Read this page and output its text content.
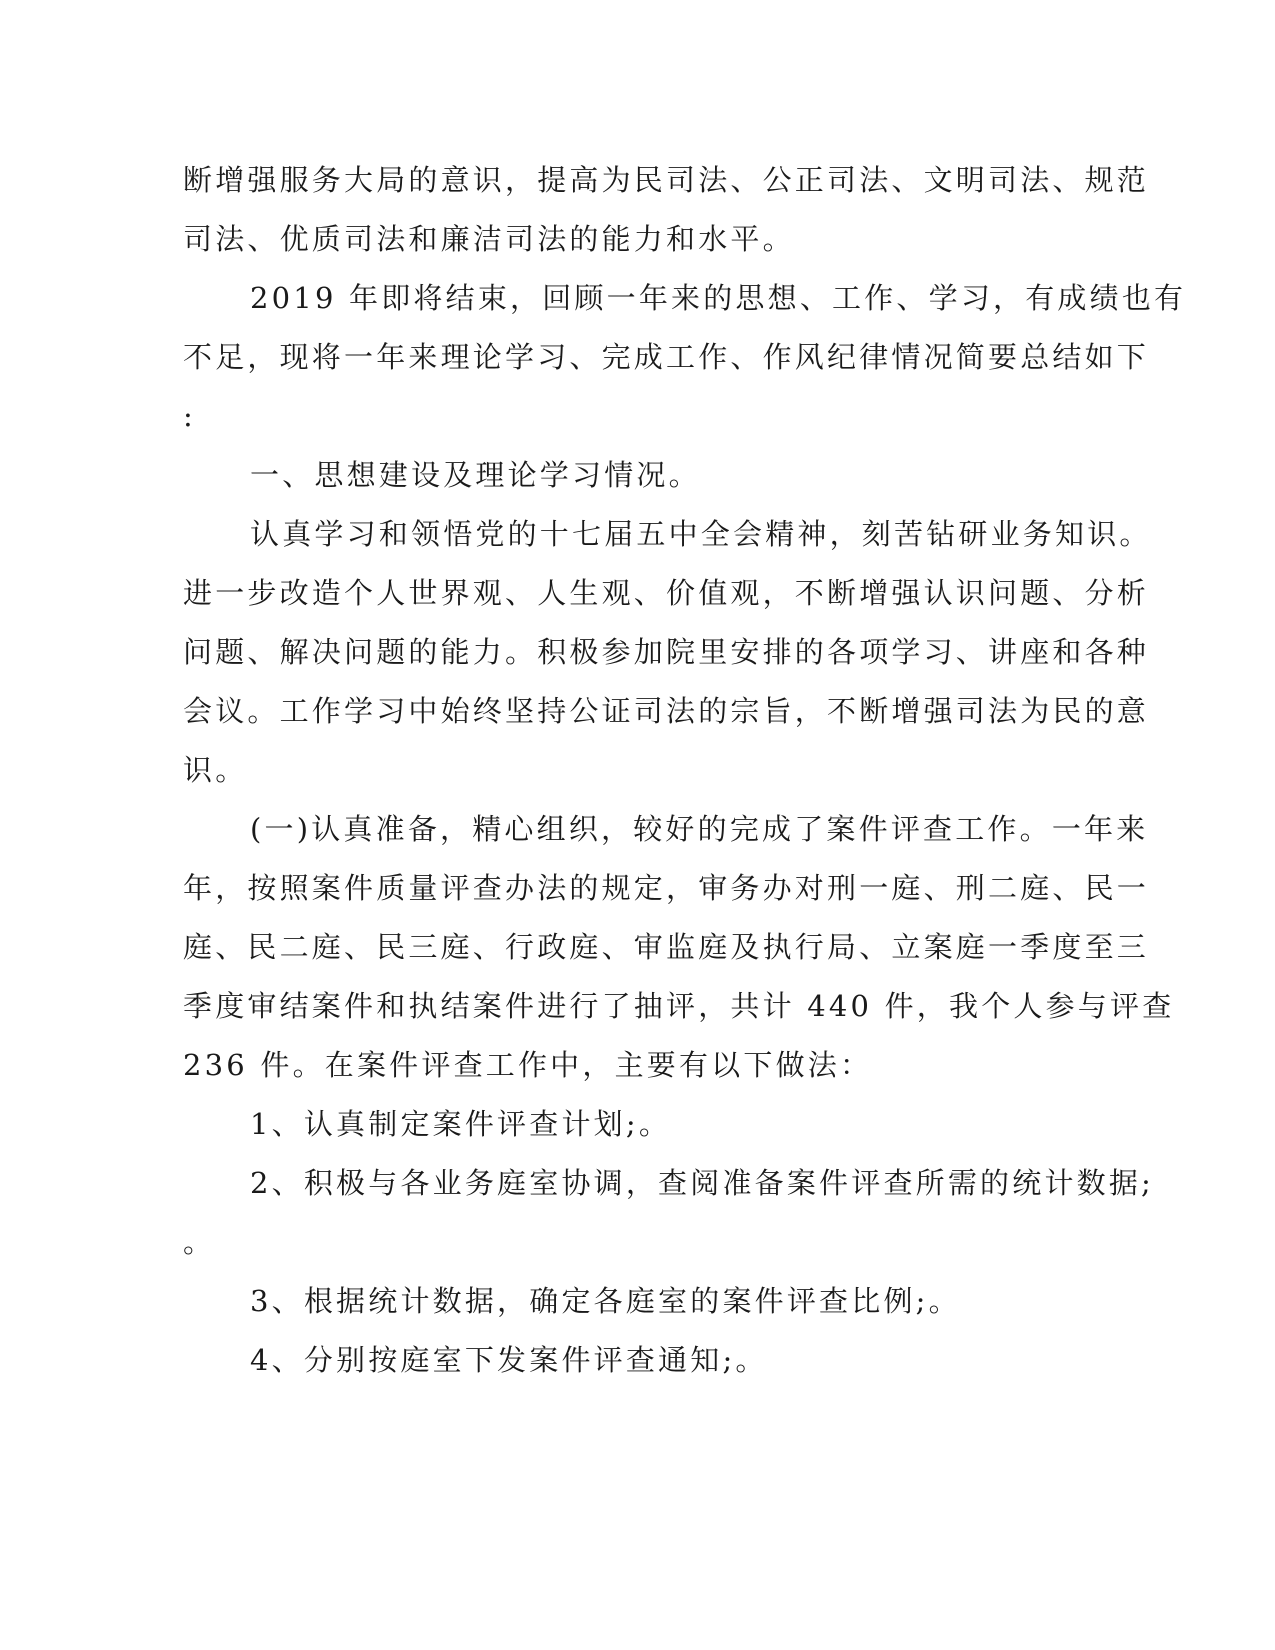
断增强服务大局的意识，提高为民司法、公正司法、文明司法、规范
司法、优质司法和廉洁司法的能力和水平。
2019 年即将结束，回顾一年来的思想、工作、学习，有成绩也有
不足，现将一年来理论学习、完成工作、作风纪律情况简要总结如下
:
一、思想建设及理论学习情况。
认真学习和领悟党的十七届五中全会精神，刻苦钻研业务知识。
进一步改造个人世界观、人生观、价值观，不断增强认识问题、分析
问题、解决问题的能力。积极参加院里安排的各项学习、讲座和各种
会议。工作学习中始终坚持公证司法的宗旨，不断增强司法为民的意
识。
(一)认真准备，精心组织，较好的完成了案件评查工作。一年来
年，按照案件质量评查办法的规定，审务办对刑一庭、刑二庭、民一
庭、民二庭、民三庭、行政庭、审监庭及执行局、立案庭一季度至三
季度审结案件和执结案件进行了抽评，共计 440 件，我个人参与评查
236 件。在案件评查工作中，主要有以下做法：
1、认真制定案件评查计划;。
2、积极与各业务庭室协调，查阅准备案件评查所需的统计数据;
。
3、根据统计数据，确定各庭室的案件评查比例;。
4、分别按庭室下发案件评查通知;。
